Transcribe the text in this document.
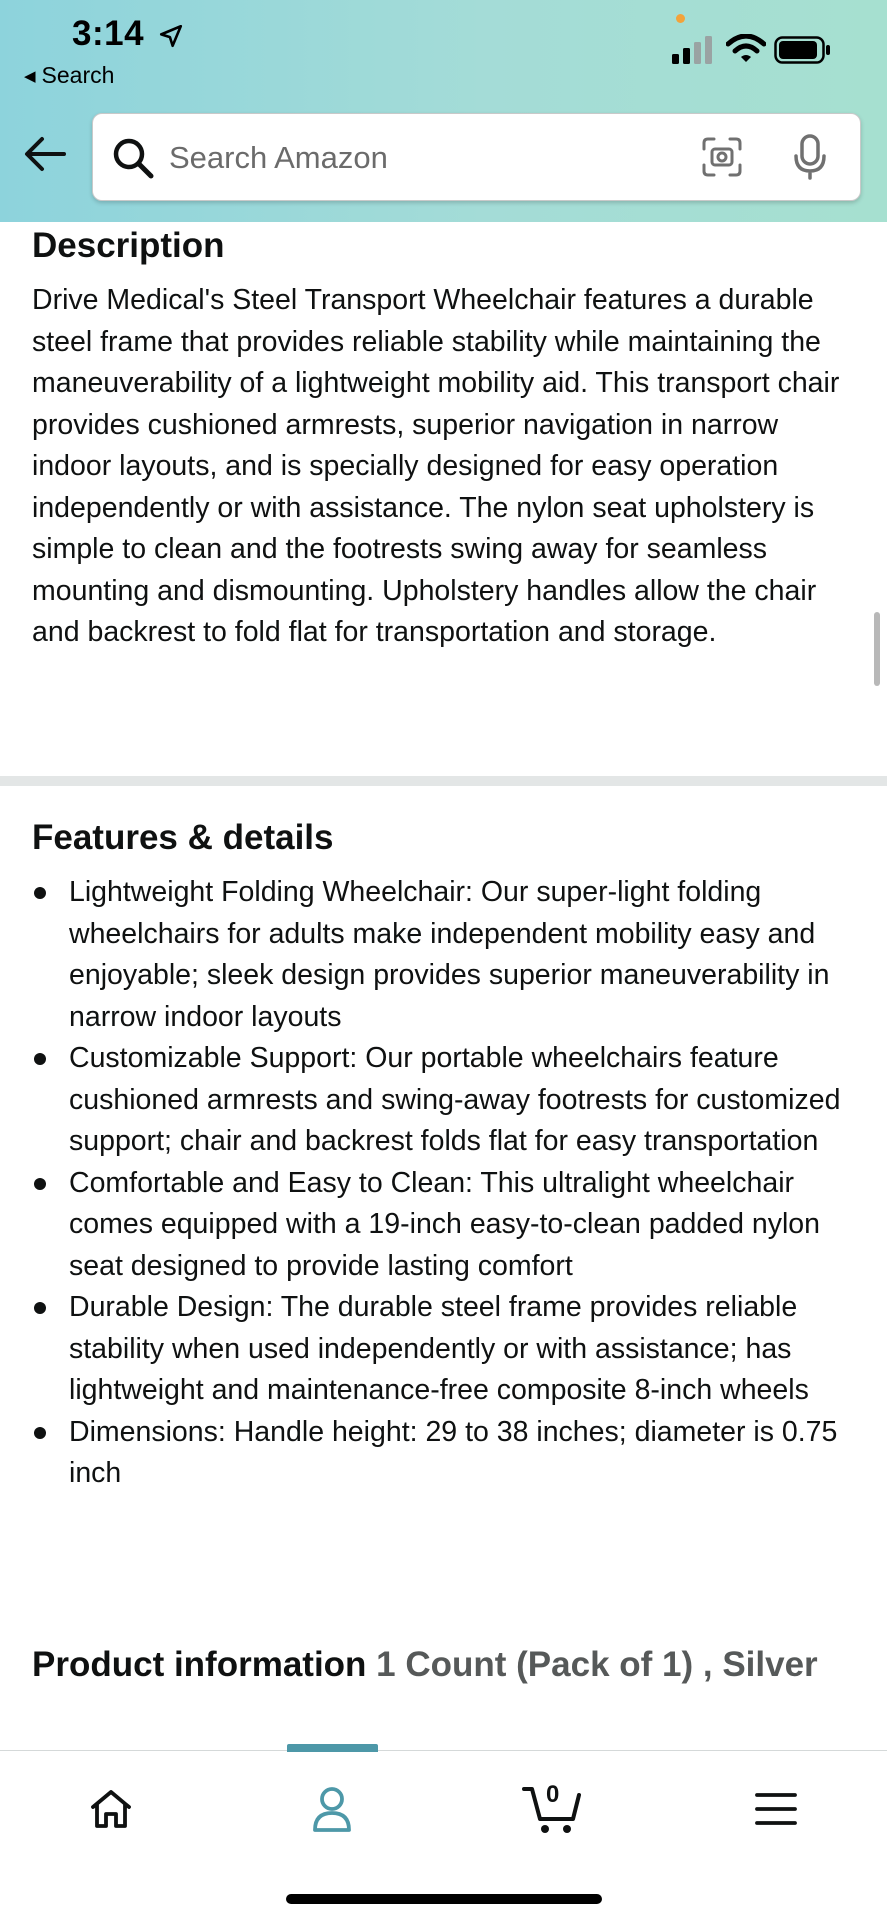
3:14
◀ Search
Search Amazon
Description

Drive Medical's Steel Transport Wheelchair features a durable steel frame that provides reliable stability while maintaining the maneuverability of a lightweight mobility aid. This transport chair provides cushioned armrests, superior navigation in narrow indoor layouts, and is specially designed for easy operation independently or with assistance. The nylon seat upholstery is simple to clean and the footrests swing away for seamless mounting and dismounting. Upholstery handles allow the chair and backrest to fold flat for transportation and storage.

Features & details
Lightweight Folding Wheelchair: Our super-light folding wheelchairs for adults make independent mobility easy and enjoyable; sleek design provides superior maneuverability in narrow indoor layouts
Customizable Support: Our portable wheelchairs feature cushioned armrests and swing-away footrests for customized support; chair and backrest folds flat for easy transportation
Comfortable and Easy to Clean: This ultralight wheelchair comes equipped with a 19-inch easy-to-clean padded nylon seat designed to provide lasting comfort
Durable Design: The durable steel frame provides reliable stability when used independently or with assistance; has lightweight and maintenance-free composite 8-inch wheels
Dimensions: Handle height: 29 to 38 inches; diameter is 0.75 inch
Product information 1 Count (Pack of 1) , Silver
0
